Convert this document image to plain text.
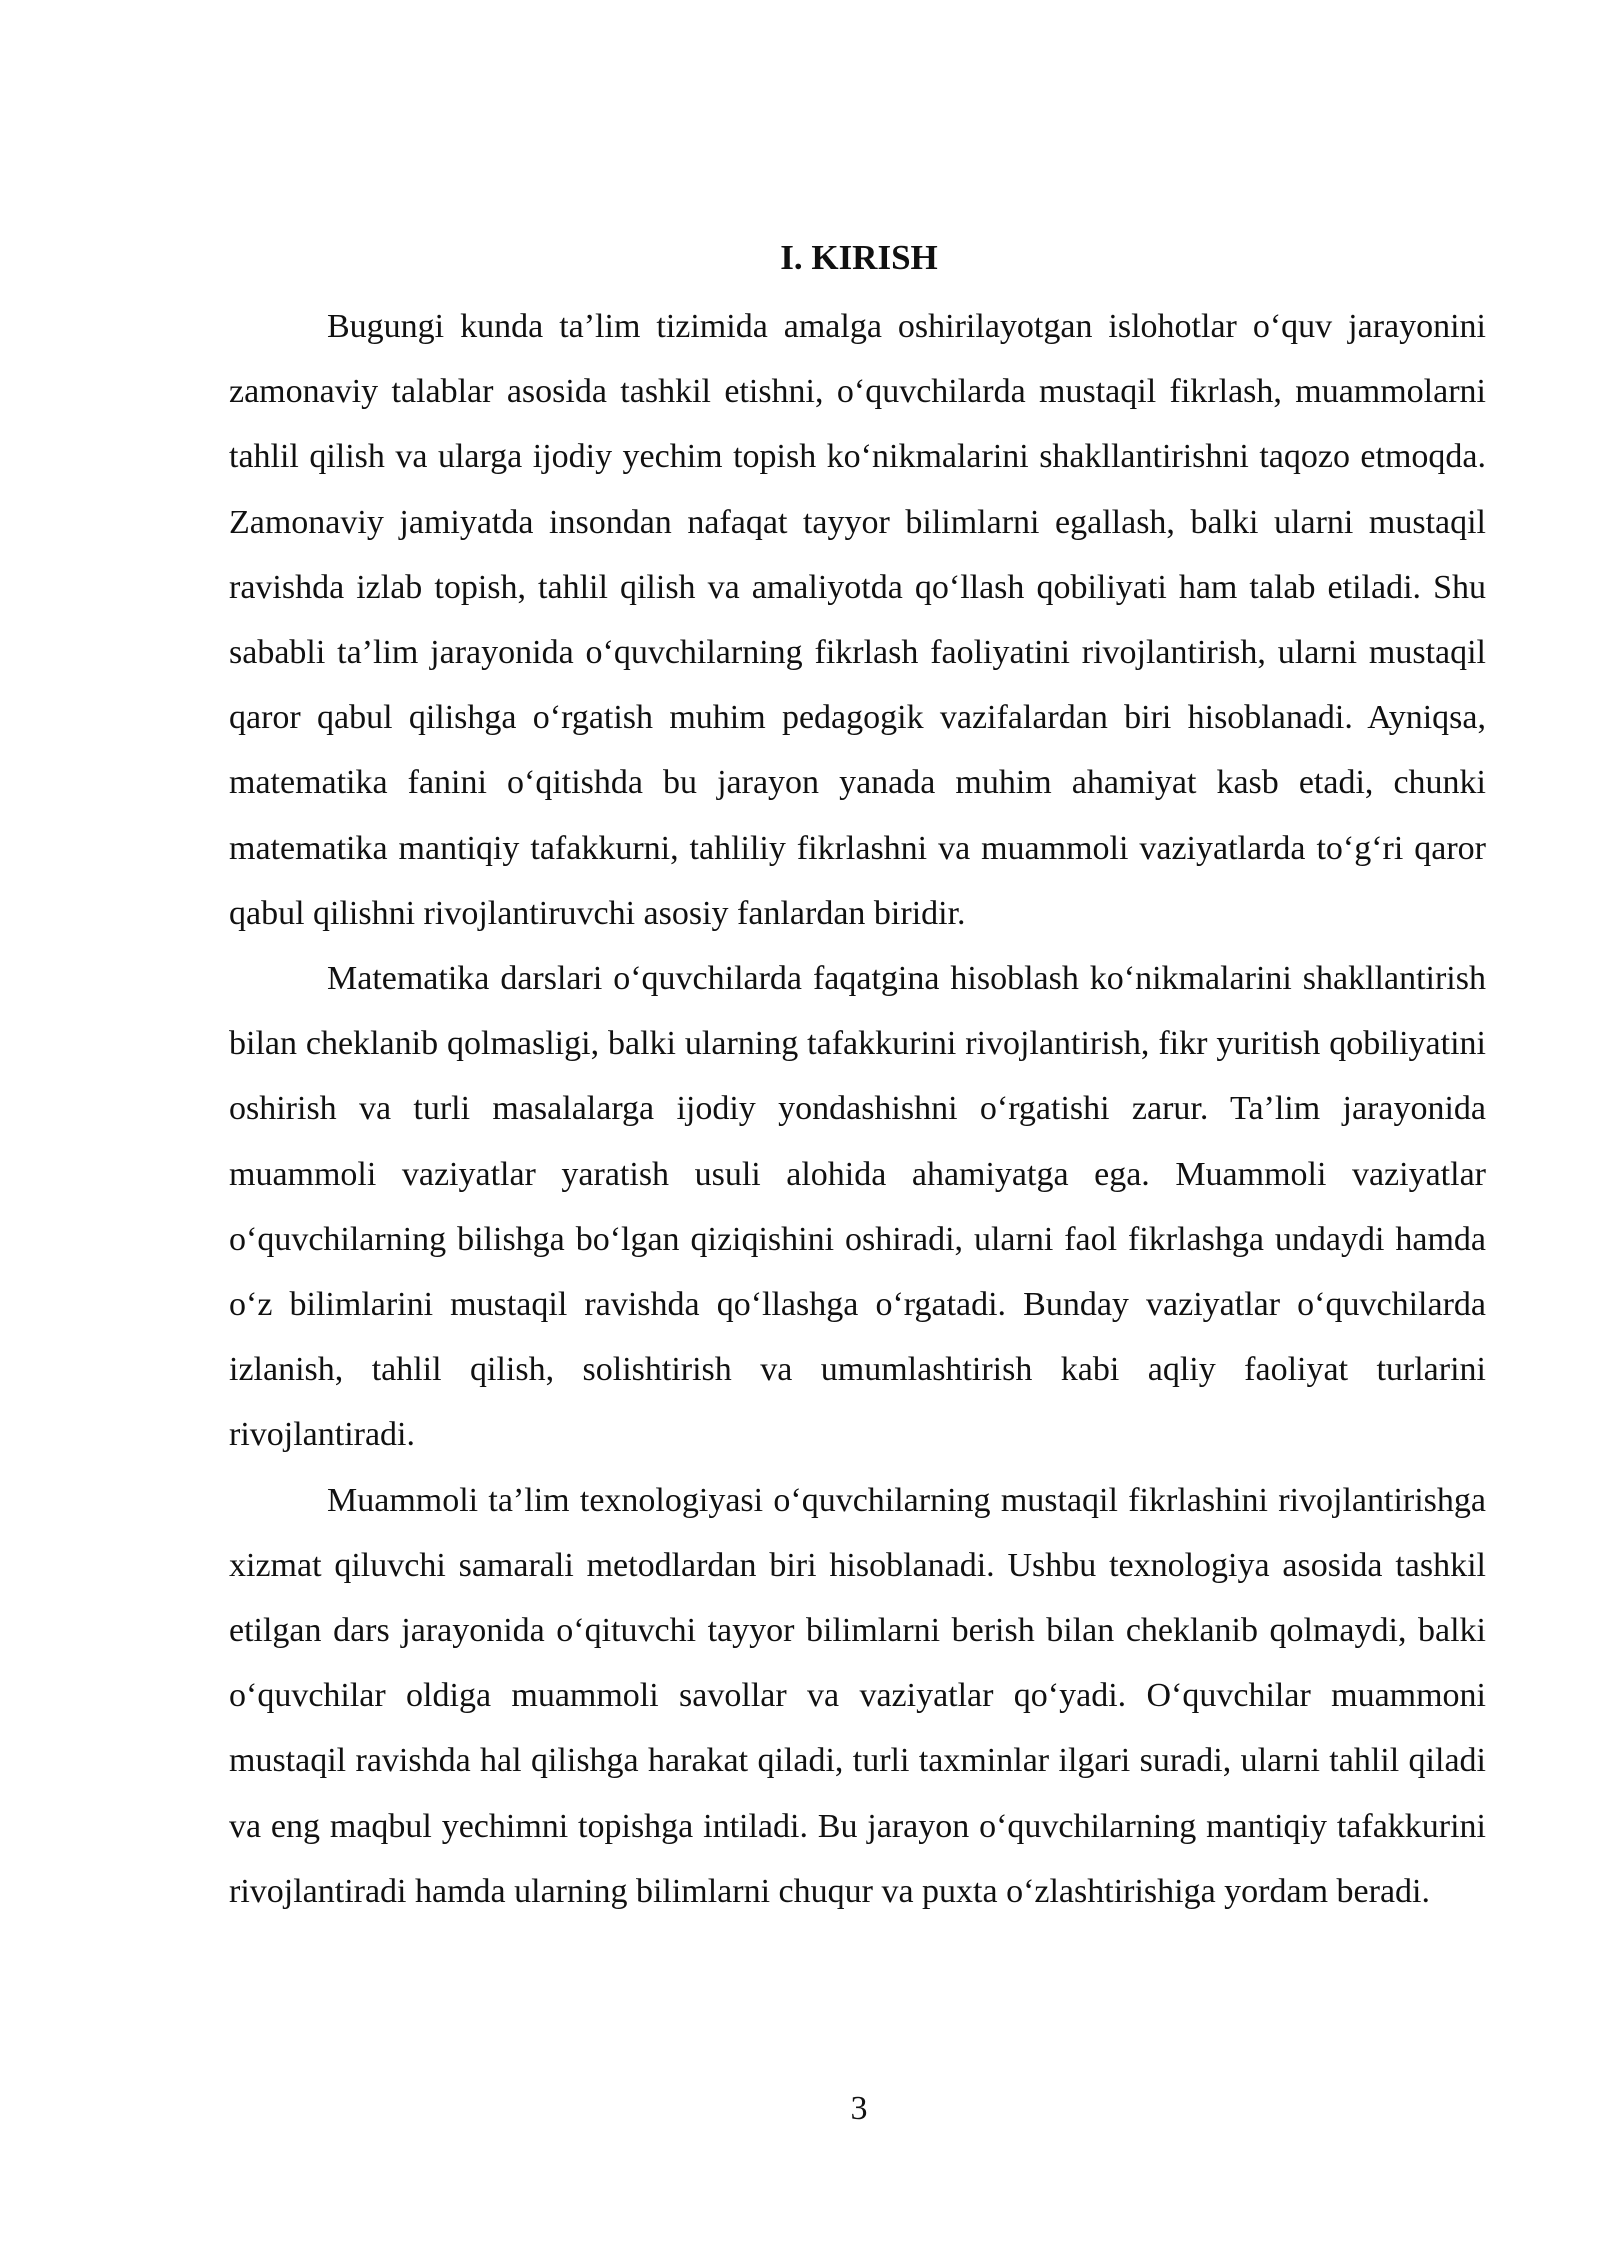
I. KIRISH

Bugungi kunda ta’lim tizimida amalga oshirilayotgan islohotlar o‘quv jarayonini zamonaviy talablar asosida tashkil etishni, o‘quvchilarda mustaqil fikrlash, muammolarni tahlil qilish va ularga ijodiy yechim topish ko‘nikmalarini shakllantirishni taqozo etmoqda. Zamonaviy jamiyatda insondan nafaqat tayyor bilimlarni egallash, balki ularni mustaqil ravishda izlab topish, tahlil qilish va amaliyotda qo‘llash qobiliyati ham talab etiladi. Shu sababli ta’lim jarayonida o‘quvchilarning fikrlash faoliyatini rivojlantirish, ularni mustaqil qaror qabul qilishga o‘rgatish muhim pedagogik vazifalardan biri hisoblanadi. Ayniqsa, matematika fanini o‘qitishda bu jarayon yanada muhim ahamiyat kasb etadi, chunki matematika mantiqiy tafakkurni, tahliliy fikrlashni va muammoli vaziyatlarda to‘g‘ri qaror qabul qilishni rivojlantiruvchi asosiy fanlardan biridir.

Matematika darslari o‘quvchilarda faqatgina hisoblash ko‘nikmalarini shakllantirish bilan cheklanib qolmasligi, balki ularning tafakkurini rivojlantirish, fikr yuritish qobiliyatini oshirish va turli masalalarga ijodiy yondashishni o‘rgatishi zarur. Ta’lim jarayonida muammoli vaziyatlar yaratish usuli alohida ahamiyatga ega. Muammoli vaziyatlar o‘quvchilarning bilishga bo‘lgan qiziqishini oshiradi, ularni faol fikrlashga undaydi hamda o‘z bilimlarini mustaqil ravishda qo‘llashga o‘rgatadi. Bunday vaziyatlar o‘quvchilarda izlanish, tahlil qilish, solishtirish va umumlashtirish kabi aqliy faoliyat turlarini rivojlantiradi.

Muammoli ta’lim texnologiyasi o‘quvchilarning mustaqil fikrlashini rivojlantirishga xizmat qiluvchi samarali metodlardan biri hisoblanadi. Ushbu texnologiya asosida tashkil etilgan dars jarayonida o‘qituvchi tayyor bilimlarni berish bilan cheklanib qolmaydi, balki o‘quvchilar oldiga muammoli savollar va vaziyatlar qo‘yadi. O‘quvchilar muammoni mustaqil ravishda hal qilishga harakat qiladi, turli taxminlar ilgari suradi, ularni tahlil qiladi va eng maqbul yechimni topishga intiladi. Bu jarayon o‘quvchilarning mantiqiy tafakkurini rivojlantiradi hamda ularning bilimlarni chuqur va puxta o‘zlashtirishiga yordam beradi.

3
